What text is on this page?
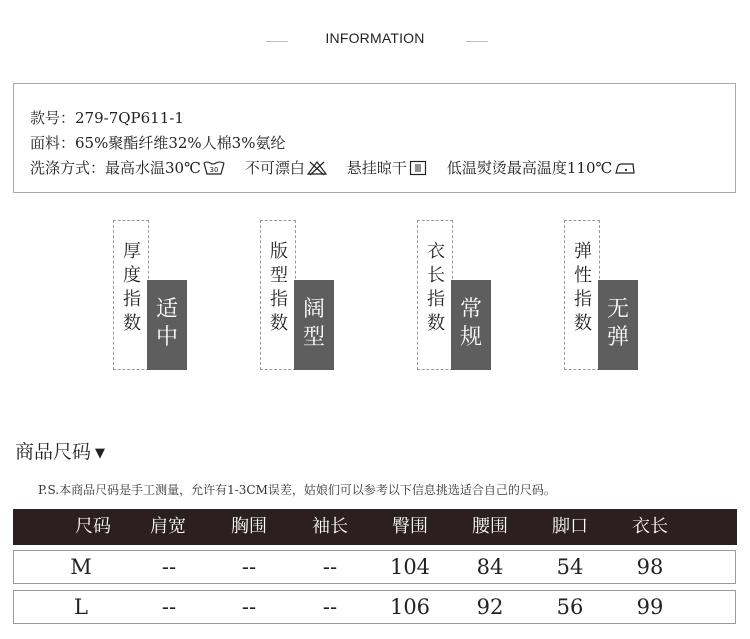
INFORMATION
款号：279-7QP611-1
面料：65%聚酯纤维32%人棉3%氨纶
洗涤方式：最高水温30℃ 30 不可漂白	悬挂晾干	低温熨烫最高温度110℃
厚
度
指
数
适
中
版
型
指
数
阔
型
衣
长
指
数
常
规
弹
性
指
数
无
弹
商品尺码 ▼
P.S.本商品尺码是手工测量，允许有1-3CM误差，姑娘们可以参考以下信息挑选适合自己的尺码。
尺码	肩宽	胸围	袖长	臀围	腰围	脚口	衣长
M	--	--	--	104	84	54	98
L	--	--	--	106	92	56	99
